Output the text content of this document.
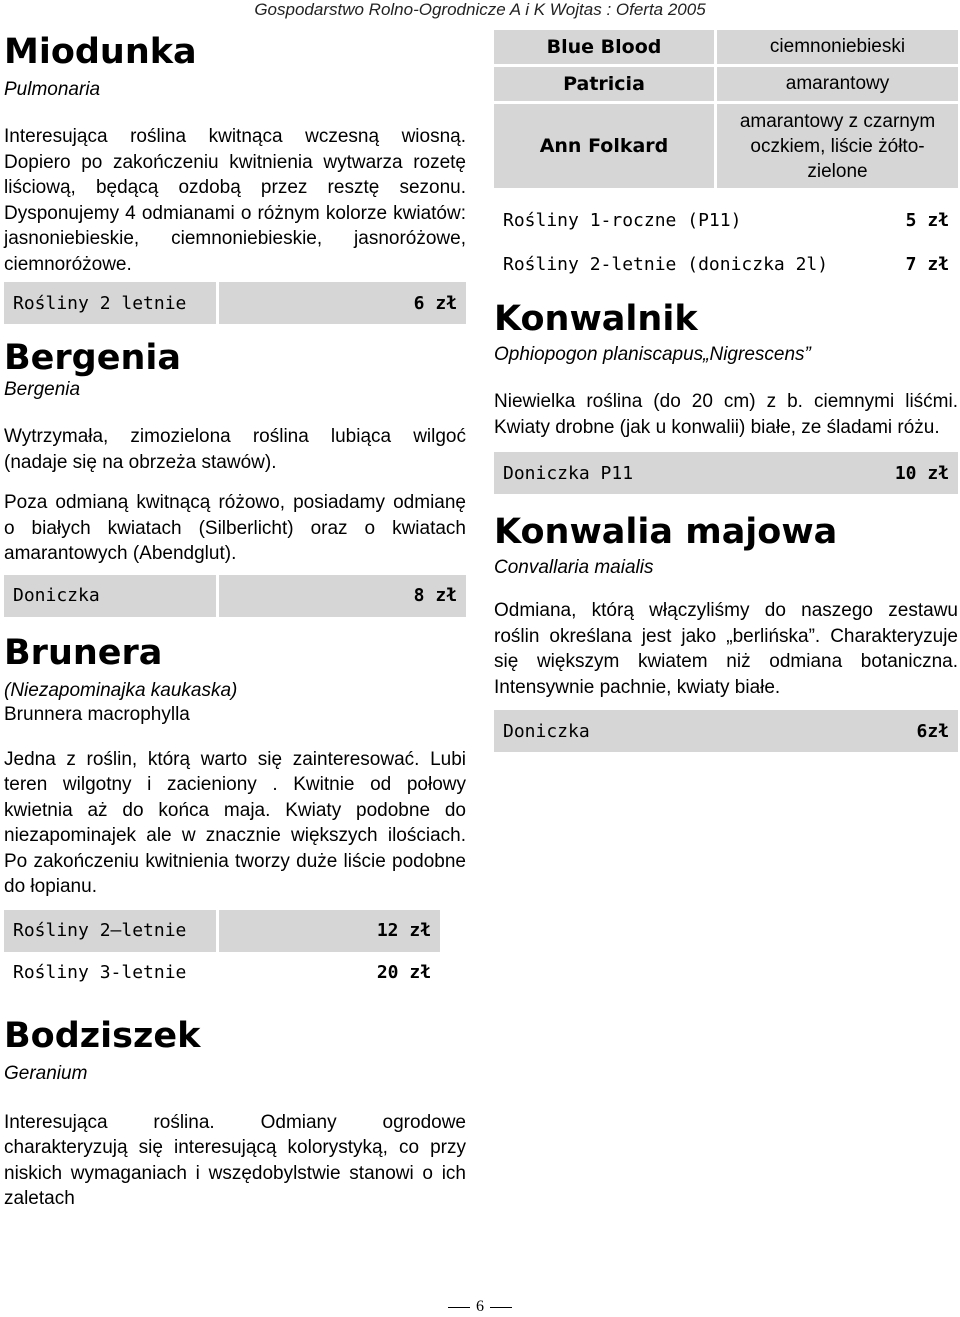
Gospodarstwo Rolno-Ogrodnicze A i K Wojtas : Oferta 2005
Miodunka

Pulmonaria

Interesująca roślina kwitnąca wczesną wiosną. Dopiero po zakończeniu kwitnienia wytwarza rozetę liściową, będącą ozdobą przez resztę sezonu. Dysponujemy 4 odmianami o różnym kolorze kwiatów: jasnoniebieskie, ciemnoniebieskie, jasnoróżowe, ciemnoróżowe.

Rośliny 2 letnie	6 zł
Bergenia

Bergenia

Wytrzymała, zimozielona roślina lubiąca wilgoć (nadaje się na obrzeża stawów).

Poza odmianą kwitnącą różowo, posiadamy odmianę o białych kwiatach (Silberlicht) oraz o kwiatach amarantowych (Abendglut).

Doniczka	8 zł
Brunera

(Niezapominajka kaukaska)

Brunnera macrophylla

Jedna z roślin, którą warto się zainteresować. Lubi teren wilgotny i zacieniony . Kwitnie od połowy kwietnia aż do końca maja. Kwiaty podobne do niezapominajek ale w znacznie większych ilościach. Po zakończeniu kwitnienia tworzy duże liście podobne do łopianu.

Rośliny 2–letnie	12 zł
Rośliny 3-letnie	20 zł
Bodziszek

Geranium

Interesująca roślina. Odmiany ogrodowe charakteryzują się interesującą kolorystyką, co przy niskich wymaganiach i wszędobylstwie stanowi o ich zaletach

Blue Blood	ciemnoniebieski
Patricia	amarantowy
Ann Folkard	amarantowy z czarnym oczkiem, liście żółto-zielone
Rośliny 1-roczne (P11)	5 zł
Rośliny 2-letnie (doniczka 2l)	7 zł
Konwalnik

Ophiopogon planiscapus„Nigrescens”

Niewielka roślina (do 20 cm) z b. ciemnymi liśćmi. Kwiaty drobne (jak u konwalii) białe, ze śladami różu.

Doniczka P11	10 zł
Konwalia majowa

Convallaria maialis

Odmiana, którą włączyliśmy do naszego zestawu roślin określana jest jako „berlińska”. Charakteryzuje się większym kwiatem niż odmiana botaniczna. Intensywnie pachnie, kwiaty białe.

Doniczka	6zł
6
